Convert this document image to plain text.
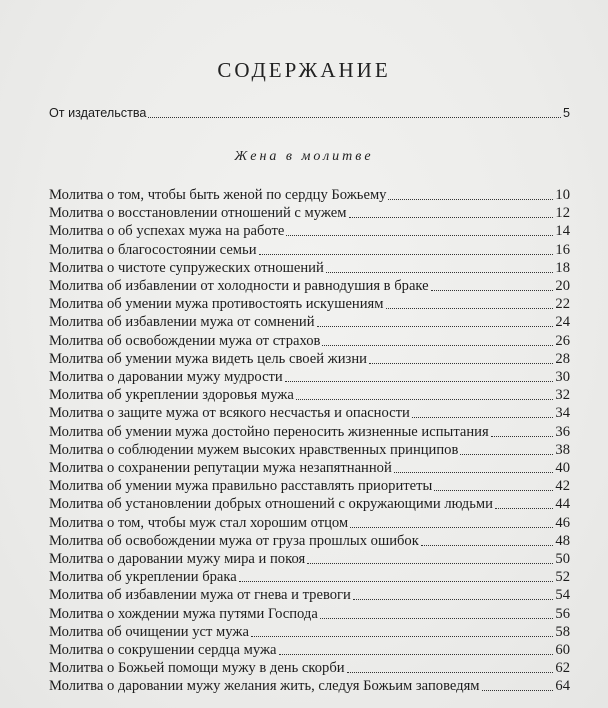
СОДЕРЖАНИЕ
От издательства	5
Жена в молитве
Молитва о том, чтобы быть женой по сердцу Божьему	10
Молитва о восстановлении отношений с мужем	12
Молитва о об успехах мужа на работе	14
Молитва о благосостоянии семьи	16
Молитва о чистоте супружеских отношений	18
Молитва об избавлении от холодности и равнодушия в браке	20
Молитва об умении мужа противостоять искушениям	22
Молитва об избавлении мужа от сомнений	24
Молитва об освобождении мужа от страхов	26
Молитва об умении мужа видеть цель своей жизни	28
Молитва о даровании мужу мудрости	30
Молитва об укреплении здоровья мужа	32
Молитва о защите мужа от всякого несчастья и опасности	34
Молитва об умении мужа достойно переносить жизненные испытания	36
Молитва о соблюдении мужем высоких нравственных принципов	38
Молитва о сохранении репутации мужа незапятнанной	40
Молитва об умении мужа правильно расставлять приоритеты	42
Молитва об установлении добрых отношений с окружающими людьми	44
Молитва о том, чтобы муж стал хорошим отцом	46
Молитва об освобождении мужа от груза прошлых ошибок	48
Молитва о даровании мужу мира и покоя	50
Молитва об укреплении брака	52
Молитва об избавлении мужа от гнева и тревоги	54
Молитва о хождении мужа путями Господа	56
Молитва об очищении уст мужа	58
Молитва о сокрушении сердца мужа	60
Молитва о Божьей помощи мужу в день скорби	62
Молитва о даровании мужу желания жить, следуя Божьим заповедям	64
